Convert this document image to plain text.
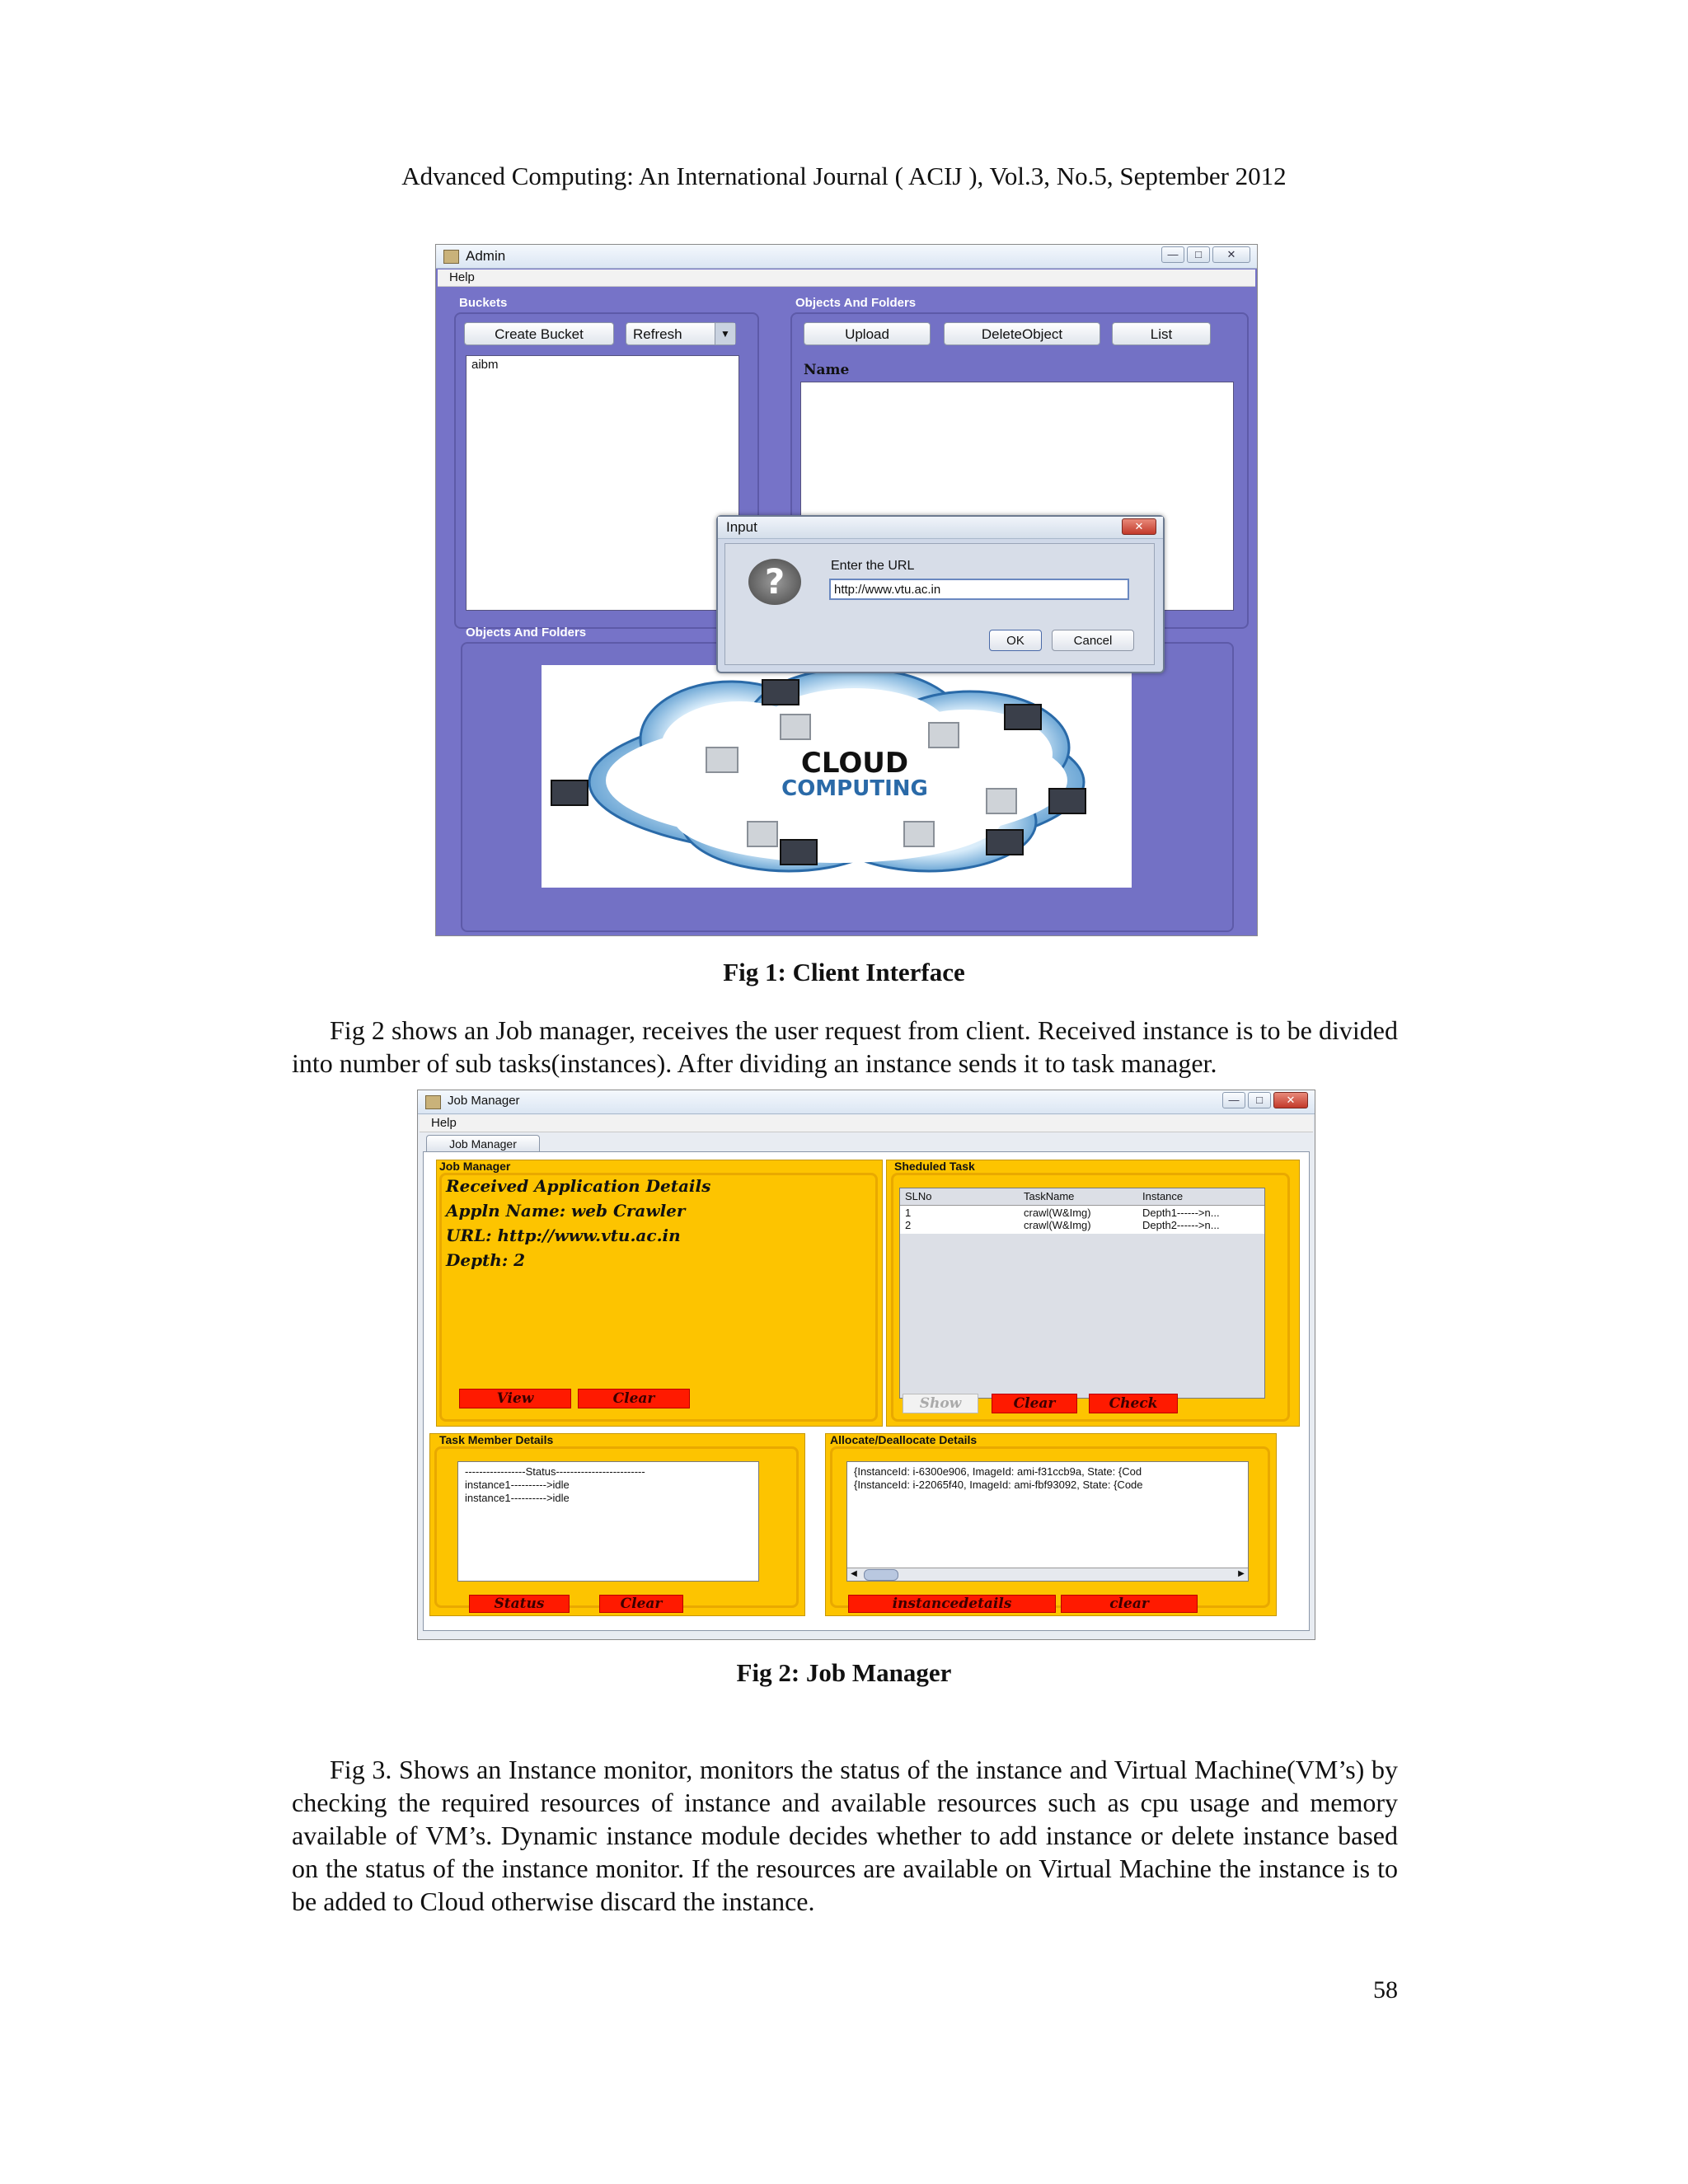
Advanced Computing: An International Journal ( ACIJ ), Vol.3, No.5, September 2012
Admin	—	□	✕
Help
Buckets
Create Bucket	Refresh	▼
aibm
Objects And Folders
Upload	DeleteObject	List
Name
Objects And Folders
CLOUD
COMPUTING
Input	✕
?	Enter the URL
http://www.vtu.ac.in
OK	Cancel
Fig 1: Client Interface
Fig 2 shows an Job manager, receives the user request from client. Received instance is to be divided into number of sub tasks(instances). After dividing an instance sends it to task manager.
Job Manager	—	□	✕
Help
Job Manager
Job Manager
Received Application Details
Appln Name: web Crawler
URL: http://www.vtu.ac.in
Depth: 2
View	Clear
Sheduled Task
SLNo	TaskName	Instance
1	crawl(W&Img)	Depth1------>n...
2	crawl(W&Img)	Depth2------>n...
Show	Clear	Check
Task Member Details
-----------------Status-------------------------
instance1---------->idle
instance1---------->idle
Status	Clear
Allocate/Deallocate Details
{InstanceId: i-6300e906, ImageId: ami-f31ccb9a, State: {Cod
{InstanceId: i-22065f40, ImageId: ami-fbf93092, State: {Code
◀	▶
instancedetails	clear
Fig 2: Job Manager
Fig 3. Shows an Instance monitor, monitors the status of the instance and Virtual Machine(VM’s) by checking the required resources of instance and available resources such as cpu usage and memory available of VM’s. Dynamic instance module decides whether to add instance or delete instance based on the status of the instance monitor. If the resources are available on Virtual Machine the instance is to be added to Cloud otherwise discard the instance.
58
